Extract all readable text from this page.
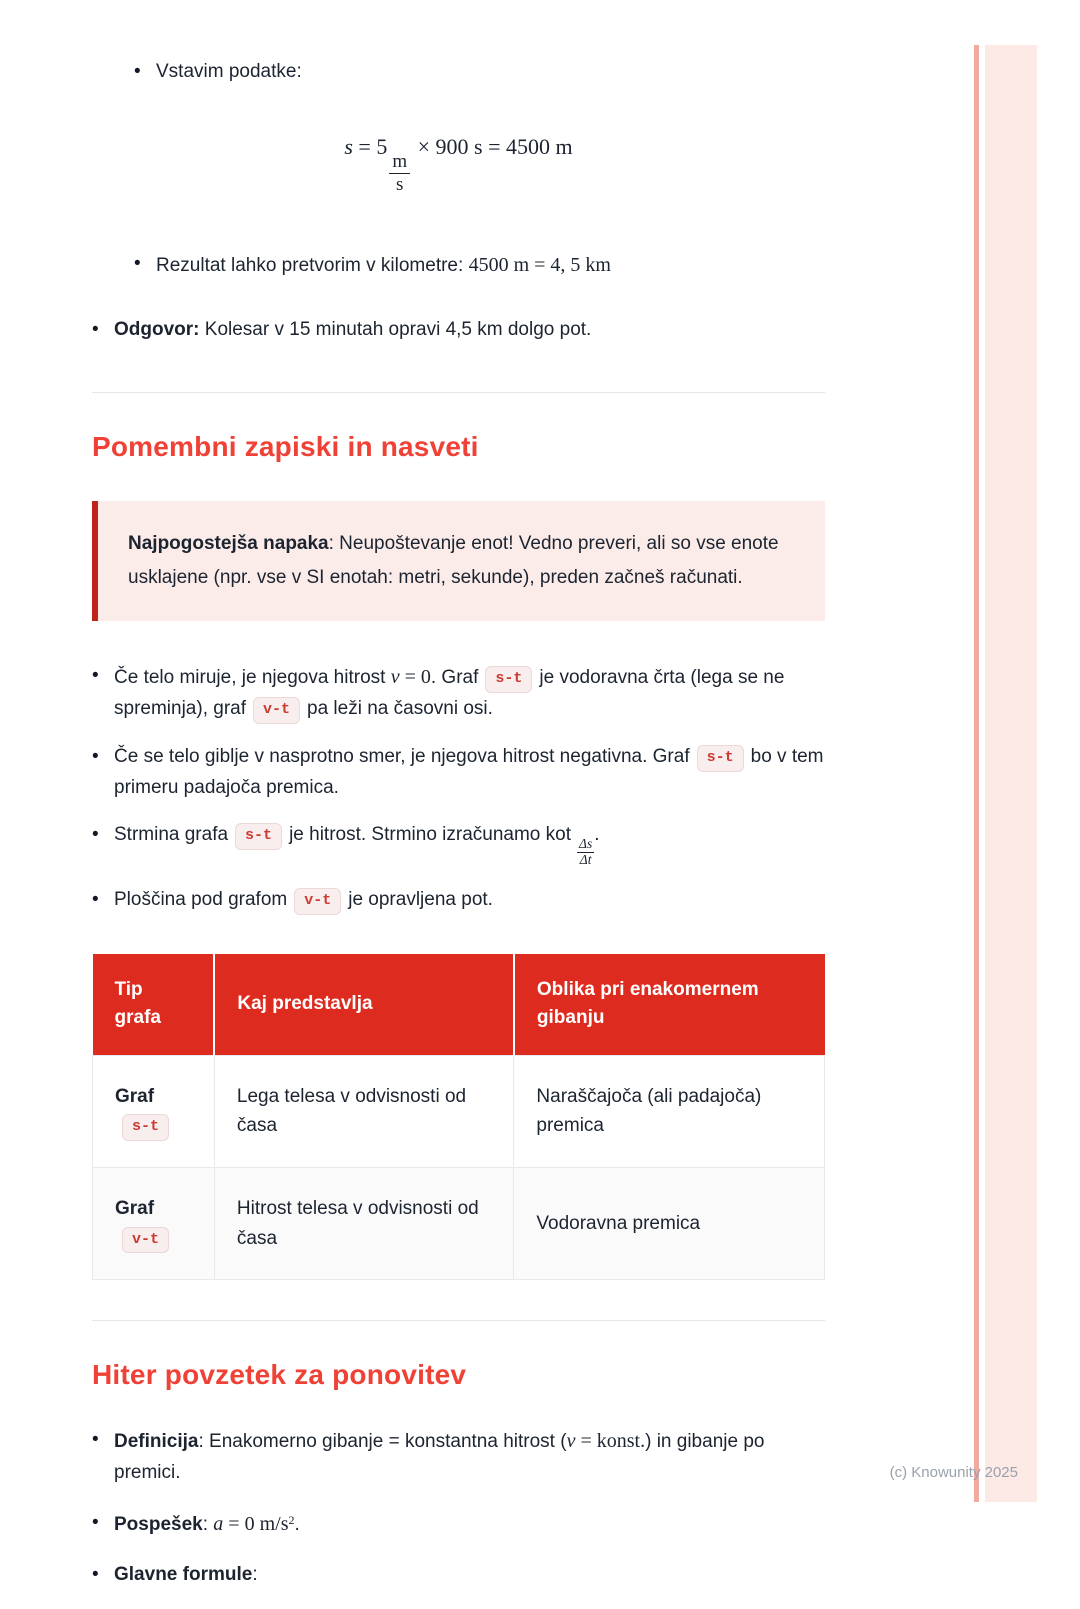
•
Vstavim podatke:
s = 5
$\frac{m}{s}$
× 900 s = 4500 m
•
Rezultat lahko pretvorim v kilometre: 4500 m = 4, 5 km
•
Odgovor: Kolesar v 15 minutah opravi 4,5 km dolgo pot.
Pomembni zapiski in nasveti
Najpogostejša napaka: Neupoštevanje enot! Vedno preveri, ali so vse enote usklajene (npr. vse v SI enotah: metri, sekunde), preden začneš računati.
•
Če telo miruje, je njegova hitrost v = 0. Graf s-t je vodoravna črta (lega se ne spreminja), graf v-t pa leži na časovni osi.
•
Če se telo giblje v nasprotno smer, je njegova hitrost negativna. Graf s-t bo v tem primeru padajoča premica.
•
Strmina grafa s-t je hitrost. Strmino izračunamo kot
$\frac{\Delta s}{\Delta t}$
.
•
Ploščina pod grafom v-t je opravljena pot.
Tip grafa	Kaj predstavlja	Oblika pri enakomernem gibanju
Grafs-t	Lega telesa v odvisnosti od časa	Naraščajoča (ali padajoča) premica
Grafv-t	Hitrost telesa v odvisnosti od časa	Vodoravna premica
Hiter povzetek za ponovitev
•
Definicija: Enakomerno gibanje = konstantna hitrost (v = konst.) in gibanje po premici.
•
Pospešek: a = 0 $m/s^2$.
•
Glavne formule:
(c) Knowunity 2025
